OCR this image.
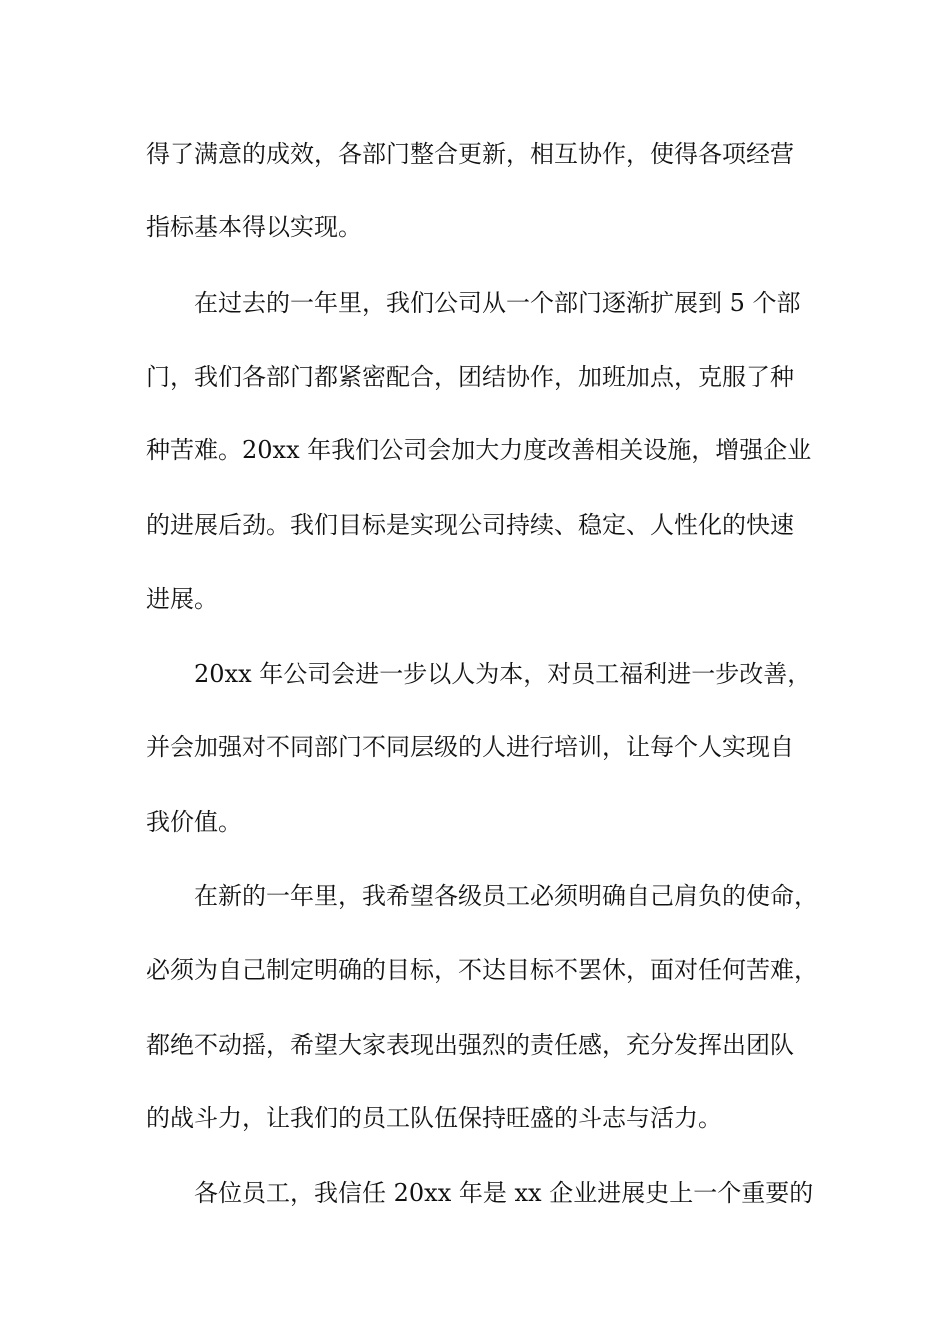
得了满意的成效，各部门整合更新，相互协作，使得各项经营
指标基本得以实现。
在过去的一年里，我们公司从一个部门逐渐扩展到 5 个部
门，我们各部门都紧密配合，团结协作，加班加点，克服了种
种苦难。20xx 年我们公司会加大力度改善相关设施，增强企业
的进展后劲。我们目标是实现公司持续、稳定、人性化的快速
进展。
20xx 年公司会进一步以人为本，对员工福利进一步改善，
并会加强对不同部门不同层级的人进行培训，让每个人实现自
我价值。
在新的一年里，我希望各级员工必须明确自己肩负的使命，
必须为自己制定明确的目标，不达目标不罢休，面对任何苦难，
都绝不动摇，希望大家表现出强烈的责任感，充分发挥出团队
的战斗力，让我们的员工队伍保持旺盛的斗志与活力。
各位员工，我信任 20xx 年是 xx 企业进展史上一个重要的
